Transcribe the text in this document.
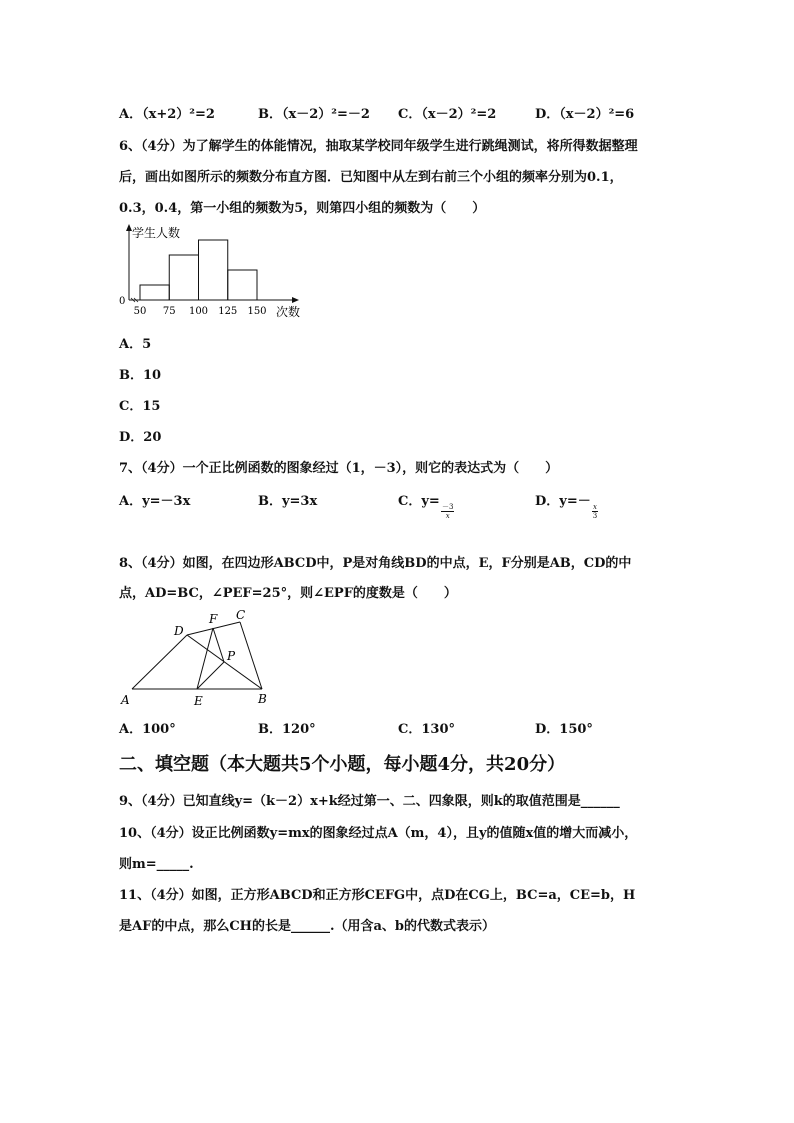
A．（x+2）²=2	B．（x－2）²=－2 C．（x－2）²=2	D．（x－2）²=6
6、（4分）为了解学生的体能情况，抽取某学校同年级学生进行跳绳测试，将所得数据整理
后，画出如图所示的频数分布直方图．已知图中从左到右前三个小组的频率分别为0.1，
0.3，0.4，第一小组的频数为5，则第四小组的频数为（　　）
学生人数
次数
0
50 75 100 125 150
A．5
B．10
C．15
D．20
7、（4分）一个正比例函数的图象经过（1，－3），则它的表达式为（　　）
A．y=－3x	B．y=3x	C．y=
$\frac{-3}{x}$
D．y=－
$\frac{x}{3}$
8、（4分）如图，在四边形ABCD中，P是对角线BD的中点，E，F分别是AB，CD的中
点，AD=BC，∠PEF=25°，则∠EPF的度数是（　　）
A	B
C
D
E
F
P
A．100°	B．120°	C．130°	D．150°
二、填空题（本大题共5个小题，每小题4分，共20分）
9、（4分）已知直线y=（k－2）x+k经过第一、二、四象限，则k的取值范围是______
10、（4分）设正比例函数y=mx的图象经过点A（m，4），且y的值随x值的增大而减小，
则m=_____.
11、（4分）如图，正方形ABCD和正方形CEFG中，点D在CG上，BC=a，CE=b，H
是AF的中点，那么CH的长是______.（用含a、b的代数式表示）
